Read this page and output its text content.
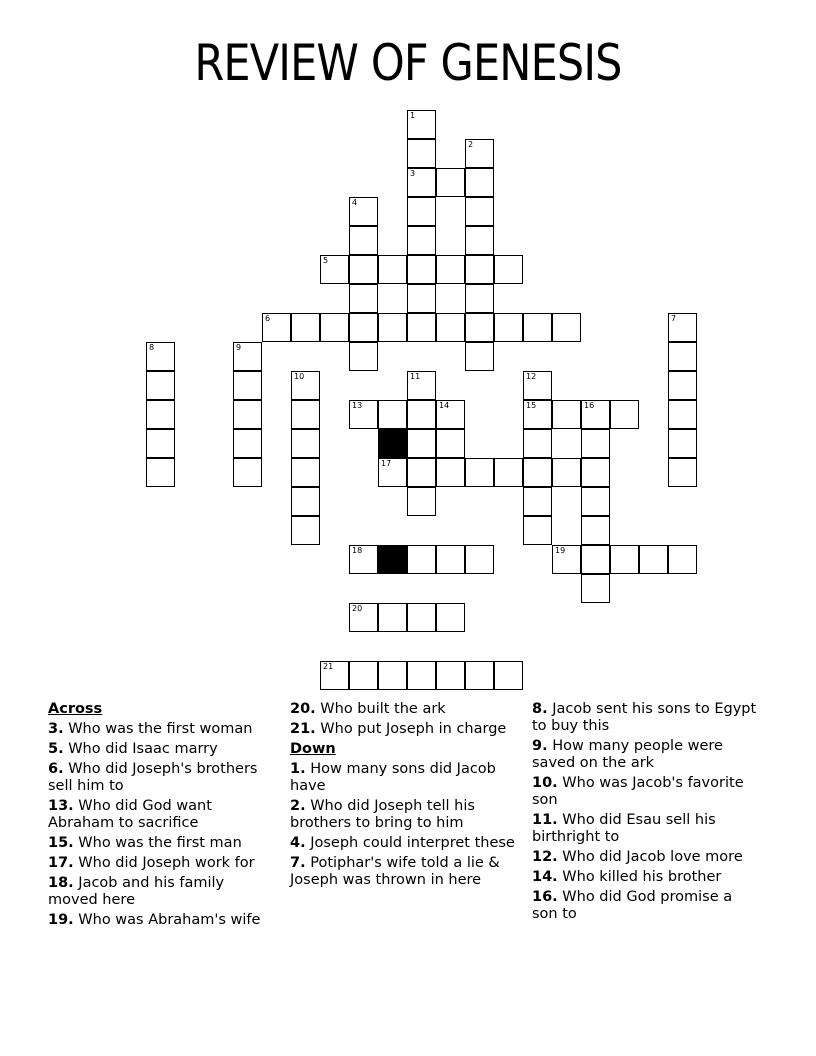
REVIEW OF GENESIS
1
3
2
4
5
6	7
8	9
10	11	12
15
13	14	16
17
18	19
20
21
Across
3. Who was the first woman
5. Who did Isaac marry
6. Who did Joseph's brothers sell him to
13. Who did God want Abraham to sacrifice
15. Who was the first man
17. Who did Joseph work for
18. Jacob and his family moved here
19. Who was Abraham's wife
20. Who built the ark
21. Who put Joseph in charge
Down
1. How many sons did Jacob have
2. Who did Joseph tell his brothers to bring to him
4. Joseph could interpret these
7. Potiphar's wife told a lie & Joseph was thrown in here
8. Jacob sent his sons to Egypt to buy this
9. How many people were saved on the ark
10. Who was Jacob's favorite son
11. Who did Esau sell his birthright to
12. Who did Jacob love more
14. Who killed his brother
16. Who did God promise a son to
